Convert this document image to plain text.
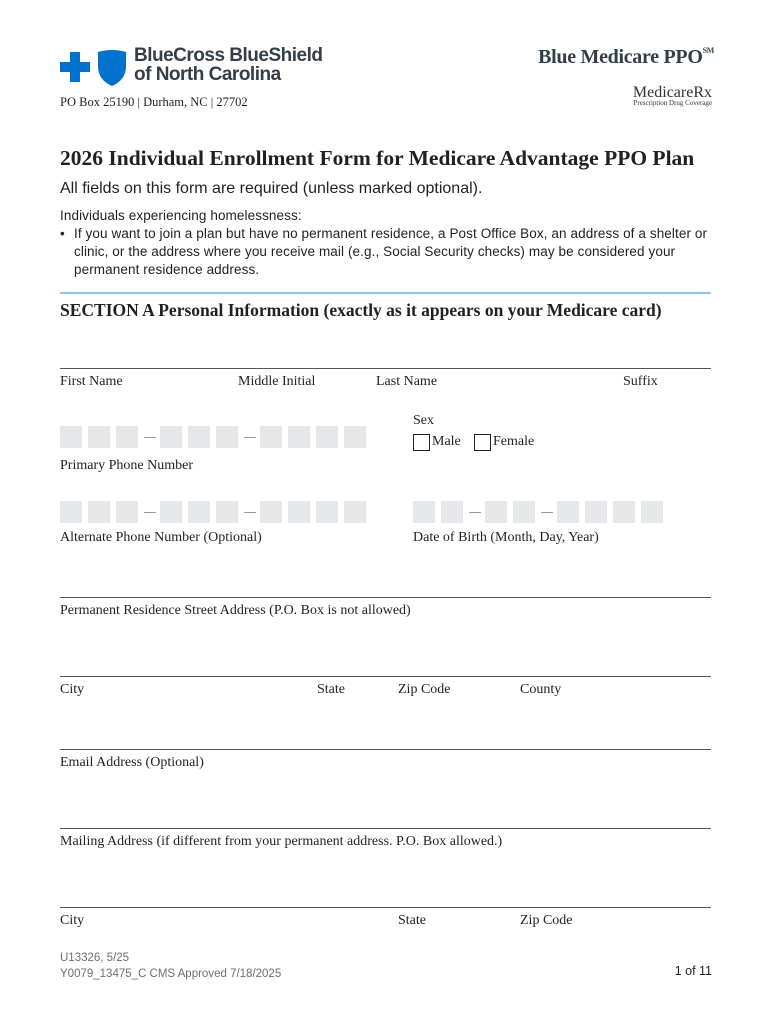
BlueCross BlueShield
of North Carolina
PO Box 25190 | Durham, NC | 27702
Blue Medicare PPO℠
MedicareRx
Prescription Drug Coverage
2026 Individual Enrollment Form for Medicare Advantage PPO Plan
All fields on this form are required (unless marked optional).
Individuals experiencing homelessness:
• If you want to join a plan but have no permanent residence, a Post Office Box, an address of a shelter or clinic, or the address where you receive mail (e.g., Social Security checks) may be considered your permanent residence address.
SECTION A Personal Information (exactly as it appears on your Medicare card)
First Name	Middle Initial	Last Name	Suffix
Primary Phone Number
Sex
Male Female
Alternate Phone Number (Optional)	Date of Birth (Month, Day, Year)
Permanent Residence Street Address (P.O. Box is not allowed)
City	State	Zip Code	County
Email Address (Optional)
Mailing Address (if different from your permanent address. P.O. Box allowed.)
City	State	Zip Code
U13326, 5/25
Y0079_13475_C CMS Approved 7/18/2025	1 of 11
